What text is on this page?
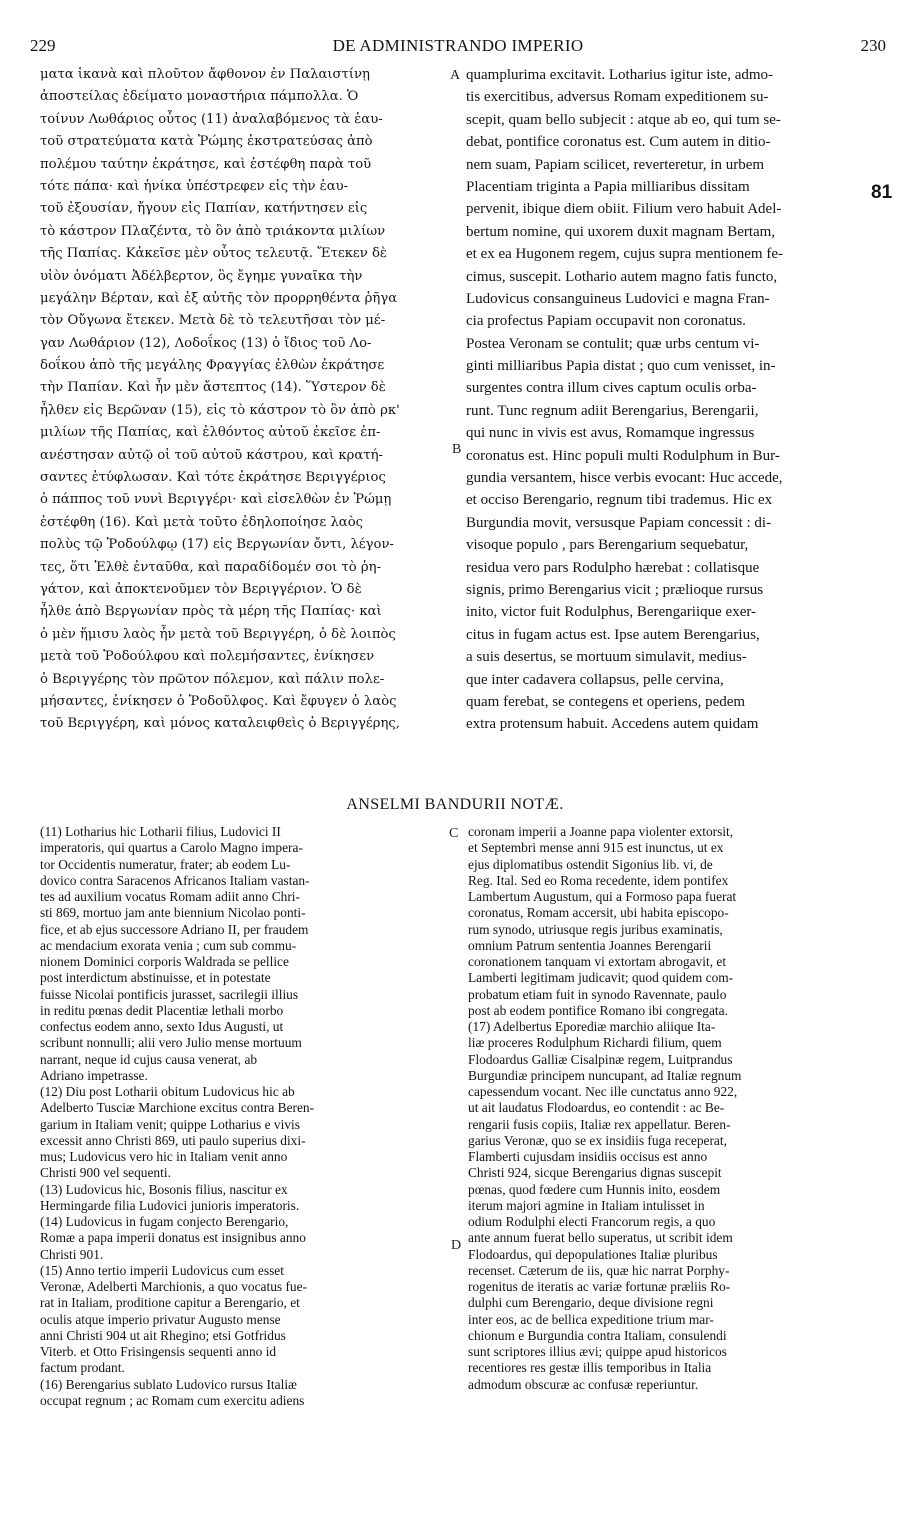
229	DE ADMINISTRANDO IMPERIO	230
ματα ἱκανὰ καὶ πλοῦτον ἄφθονον ἐν Παλαιστίνῃ
ἀποστείλας ἐδείματο μοναστήρια πάμπολλα. Ὁ
τοίνυν Λωθάριος οὗτος (11) ἀναλαβόμενος τὰ ἑαυ-
τοῦ στρατεύματα κατὰ Ῥώμης ἐκστρατεύσας ἀπὸ
πολέμου ταύτην ἐκράτησε, καὶ ἐστέφθη παρὰ τοῦ
τότε πάπα· καὶ ἡνίκα ὑπέστρεφεν εἰς τὴν ἑαυ-
τοῦ ἐξουσίαν, ἤγουν εἰς Παπίαν, κατήντησεν εἰς
τὸ κάστρον Πλαζέντα, τὸ ὂν ἀπὸ τριάκοντα μιλίων
τῆς Παπίας. Κἀκεῖσε μὲν οὗτος τελευτᾷ. Ἔτεκεν δὲ
υἱὸν ὀνόματι Ἀδέλβερτον, ὃς ἔγημε γυναῖκα τὴν
μεγάλην Βέρταν, καὶ ἐξ αὐτῆς τὸν προρρηθέντα ῥῆγα
τὸν Οὔγωνα ἔτεκεν. Μετὰ δὲ τὸ τελευτῆσαι τὸν μέ-
γαν Λωθάριον (12), Λοδοΐκος (13) ὁ ἴδιος τοῦ Λο-
δοΐκου ἀπὸ τῆς μεγάλης Φραγγίας ἐλθὼν ἐκράτησε
τὴν Παπίαν. Καὶ ἦν μὲν ἄστεπτος (14). Ὕστερον δὲ
ἦλθεν εἰς Βερῶναν (15), εἰς τὸ κάστρον τὸ ὂν ἀπὸ ρκ'
μιλίων τῆς Παπίας, καὶ ἐλθόντος αὐτοῦ ἐκεῖσε ἐπ-
ανέστησαν αὐτῷ οἱ τοῦ αὐτοῦ κάστρου, καὶ κρατή-
σαντες ἐτύφλωσαν. Καὶ τότε ἐκράτησε Βεριγγέριος
ὁ πάππος τοῦ νυνὶ Βεριγγέρι· καὶ εἰσελθὼν ἐν Ῥώμῃ
ἐστέφθη (16). Καὶ μετὰ τοῦτο ἐδηλοποίησε λαὸς
πολὺς τῷ Ῥοδούλφῳ (17) εἰς Βεργωνίαν ὄντι, λέγον-
τες, ὅτι Ἐλθὲ ἐνταῦθα, καὶ παραδίδομέν σοι τὸ ῥη-
γάτον, καὶ ἀποκτενοῦμεν τὸν Βεριγγέριον. Ὁ δὲ
ἦλθε ἀπὸ Βεργωνίαν πρὸς τὰ μέρη τῆς Παπίας· καὶ
ὁ μὲν ἥμισυ λαὸς ἦν μετὰ τοῦ Βεριγγέρη, ὁ δὲ λοιπὸς
μετὰ τοῦ Ῥοδούλφου καὶ πολεμήσαντες, ἐνίκησεν
ὁ Βεριγγέρης τὸν πρῶτον πόλεμον, καὶ πάλιν πολε-
μήσαντες, ἐνίκησεν ὁ Ῥοδοῦλφος. Καὶ ἔφυγεν ὁ λαὸς
τοῦ Βεριγγέρη, καὶ μόνος καταλειφθεὶς ὁ Βεριγγέρης,
quamplurima excitavit. Lotharius igitur iste, admo-
tis exercitibus, adversus Romam expeditionem su-
scepit, quam bello subjecit : atque ab eo, qui tum se-
debat, pontifice coronatus est. Cum autem in ditio-
nem suam, Papiam scilicet, reverteretur, in urbem
Placentiam triginta a Papia milliaribus dissitam
pervenit, ibique diem obiit. Filium vero habuit Adel-
bertum nomine, qui uxorem duxit magnam Bertam,
et ex ea Hugonem regem, cujus supra mentionem fe-
cimus, suscepit. Lothario autem magno fatis functo,
Ludovicus consanguineus Ludovici e magna Fran-
cia profectus Papiam occupavit non coronatus.
Postea Veronam se contulit; quæ urbs centum vi-
ginti milliaribus Papia distat ; quo cum venisset, in-
surgentes contra illum cives captum oculis orba-
runt. Tunc regnum adiit Berengarius, Berengarii,
qui nunc in vivis est avus, Romamque ingressus
coronatus est. Hinc populi multi Rodulphum in Bur-
gundia versantem, hisce verbis evocant: Huc accede,
et occiso Berengario, regnum tibi trademus. Hic ex
Burgundia movit, versusque Papiam concessit : di-
visoque populo , pars Berengarium sequebatur,
residua vero pars Rodulpho hærebat : collatisque
signis, primo Berengarius vicit ; prælioque rursus
inito, victor fuit Rodulphus, Berengariique exer-
citus in fugam actus est. Ipse autem Berengarius,
a suis desertus, se mortuum simulavit, medius-
que inter cadavera collapsus, pelle cervina,
quam ferebat, se contegens et operiens, pedem
extra protensum habuit. Accedens autem quidam
A
B
C
D
81
ANSELMI BANDURII NOTÆ.
(11) Lotharius hic Lotharii filius, Ludovici II
imperatoris, qui quartus a Carolo Magno impera-
tor Occidentis numeratur, frater; ab eodem Lu-
dovico contra Saracenos Africanos Italiam vastan-
tes ad auxilium vocatus Romam adiit anno Chri-
sti 869, mortuo jam ante biennium Nicolao ponti-
fice, et ab ejus successore Adriano II, per fraudem
ac mendacium exorata venia ; cum sub commu-
nionem Dominici corporis Waldrada se pellice
post interdictum abstinuisse, et in potestate
fuisse Nicolai pontificis jurasset, sacrilegii illius
in reditu pœnas dedit Placentiæ lethali morbo
confectus eodem anno, sexto Idus Augusti, ut
scribunt nonnulli; alii vero Julio mense mortuum
narrant, neque id cujus causa venerat, ab
Adriano impetrasse.
(12) Diu post Lotharii obitum Ludovicus hic ab
Adelberto Tusciæ Marchione excitus contra Beren-
garium in Italiam venit; quippe Lotharius e vivis
excessit anno Christi 869, uti paulo superius dixi-
mus; Ludovicus vero hic in Italiam venit anno
Christi 900 vel sequenti.
(13) Ludovicus hic, Bosonis filius, nascitur ex
Hermingarde filia Ludovici junioris imperatoris.
(14) Ludovicus in fugam conjecto Berengario,
Romæ a papa imperii donatus est insignibus anno
Christi 901.
(15) Anno tertio imperii Ludovicus cum esset
Veronæ, Adelberti Marchionis, a quo vocatus fue-
rat in Italiam, proditione capitur a Berengario, et
oculis atque imperio privatur Augusto mense
anni Christi 904 ut ait Rhegino; etsi Gotfridus
Viterb. et Otto Frisingensis sequenti anno id
factum prodant.
(16) Berengarius sublato Ludovico rursus Italiæ
occupat regnum ; ac Romam cum exercitu adiens
coronam imperii a Joanne papa violenter extorsit,
et Septembri mense anni 915 est inunctus, ut ex
ejus diplomatibus ostendit Sigonius lib. vi, de
Reg. Ital. Sed eo Roma recedente, idem pontifex
Lambertum Augustum, qui a Formoso papa fuerat
coronatus, Romam accersit, ubi habita episcopo-
rum synodo, utriusque regis juribus examinatis,
omnium Patrum sententia Joannes Berengarii
coronationem tanquam vi extortam abrogavit, et
Lamberti legitimam judicavit; quod quidem com-
probatum etiam fuit in synodo Ravennate, paulo
post ab eodem pontifice Romano ibi congregata.
(17) Adelbertus Eporediæ marchio aliique Ita-
liæ proceres Rodulphum Richardi filium, quem
Flodoardus Galliæ Cisalpinæ regem, Luitprandus
Burgundiæ principem nuncupant, ad Italiæ regnum
capessendum vocant. Nec ille cunctatus anno 922,
ut ait laudatus Flodoardus, eo contendit : ac Be-
rengarii fusis copiis, Italiæ rex appellatur. Beren-
garius Veronæ, quo se ex insidiis fuga receperat,
Flamberti cujusdam insidiis occisus est anno
Christi 924, sicque Berengarius dignas suscepit
pœnas, quod fœdere cum Hunnis inito, eosdem
iterum majori agmine in Italiam intulisset in
odium Rodulphi electi Francorum regis, a quo
ante annum fuerat bello superatus, ut scribit idem
Flodoardus, qui depopulationes Italiæ pluribus
recenset. Cæterum de iis, quæ hic narrat Porphy-
rogenitus de iteratis ac variæ fortunæ præliis Ro-
dulphi cum Berengario, deque divisione regni
inter eos, ac de bellica expeditione trium mar-
chionum e Burgundia contra Italiam, consulendi
sunt scriptores illius ævi; quippe apud historicos
recentiores res gestæ illis temporibus in Italia
admodum obscuræ ac confusæ reperiuntur.
